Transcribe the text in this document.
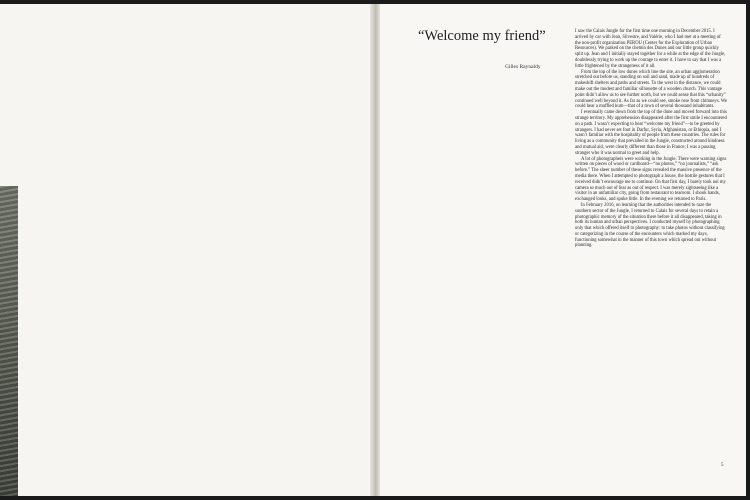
“Welcome my friend”
Gilles Raynaldy

I saw the Calais Jungle for the first time one morning in December 2015. I arrived by car with Jean, Silvestre, and Valérie, who I had met at a meeting of the non-profit organization PEROU (Center for the Exploration of Urban Resources). We parked on the chemin des Dunes and our little group quickly split up. Jean and I initially stayed together for a while at the edge of the Jungle, doubtlessly trying to work up the courage to enter it. I have to say that I was a little frightened by the strangeness of it all.

From the top of the low dunes which line the site, an urban agglomeration stretched out before us, standing on soil and sand, made up of hundreds of makeshift shelters and paths and streets. To the west in the distance, we could make out the modest and familiar silhouette of a wooden church. This vantage point didn’t allow us to see further north, but we could sense that this “urbanity” continued well beyond it. As far as we could see, smoke rose from chimneys. We could hear a muffled hum—that of a town of several thousand inhabitants.

I eventually came down from the top of the dune and moved forward into this strange territory. My apprehension disappeared after the first smile I encountered on a path. I wasn’t expecting to hear “welcome my friend”—to be greeted by strangers. I had never set foot in Darfur, Syria, Afghanistan, or Ethiopia, and I wasn’t familiar with the hospitality of people from these countries. The rules for living as a community that prevailed in the Jungle, constructed around kindness and mutual aid, were clearly different than those in France; I was a passing stranger who it was normal to greet and help.

A lot of photographers were working in the Jungle. There were warning signs written on pieces of wood or cardboard—“no photos,” “no journalists,” “ask before.” The sheer number of these signs revealed the massive presence of the media there. When I attempted to photograph a house, the hostile gestures that I received didn’t encourage me to continue. On that first day, I barely took out my camera so much out of fear as out of respect. I was merely sightseeing like a visitor in an unfamiliar city, going from restaurant to tearoom. I shook hands, exchanged looks, and spoke little. In the evening we returned to Paris.

In February 2016, on learning that the authorities intended to raze the southern sector of the Jungle, I returned to Calais for several days to retain a photographic memory of the situation there before it all disappeared, taking in both its human and urban perspectives. I conducted myself by photographing only that which offered itself to photography: to take photos without classifying or categorizing in the course of the encounters which marked my days, functioning somewhat in the manner of this town which spread out without planning.

5
